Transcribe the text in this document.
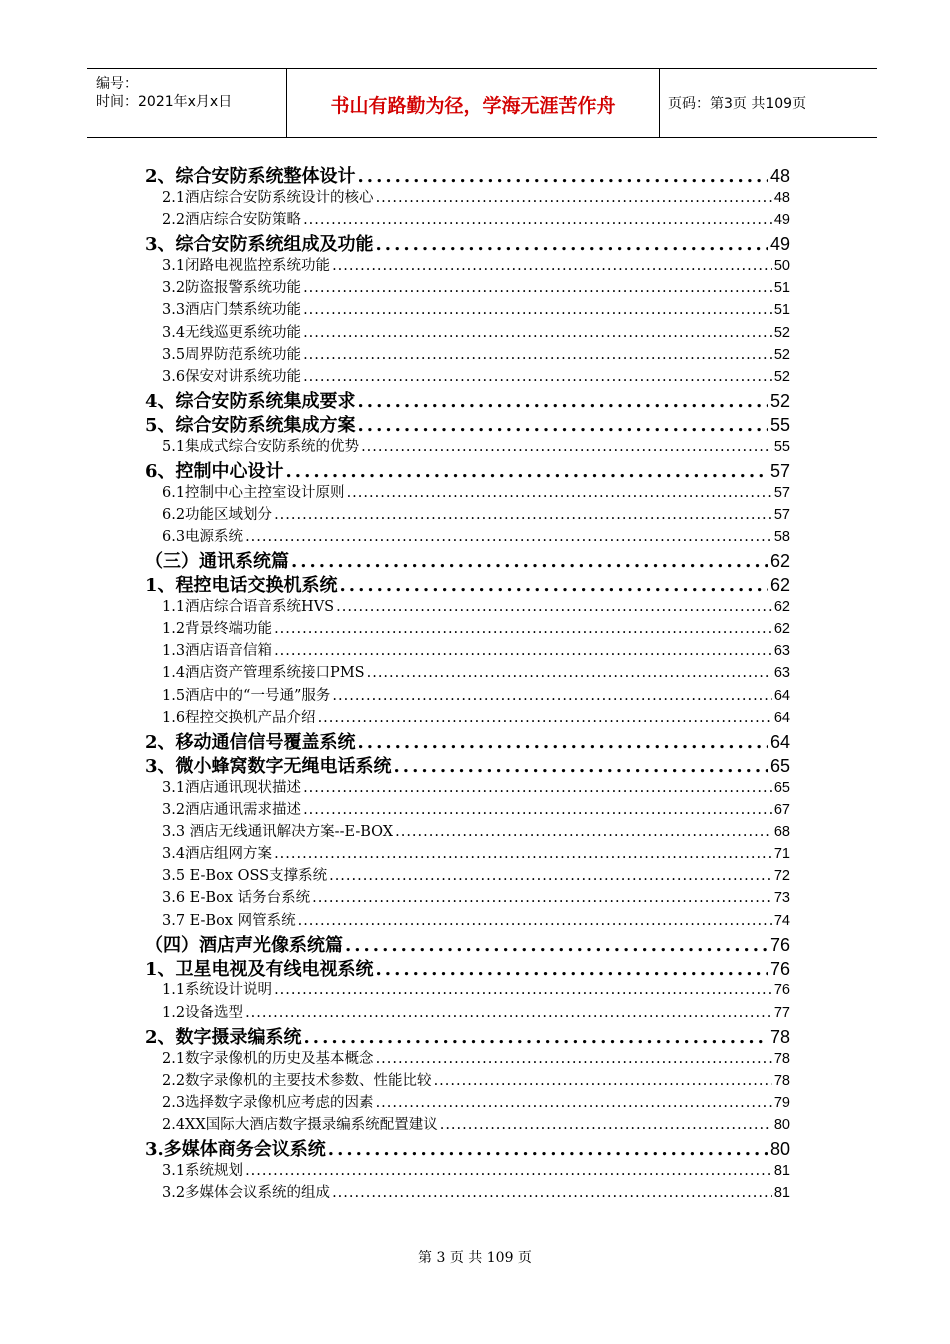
编号：
时间：2021年x月x日	书山有路勤为径，学海无涯苦作舟	页码：第3页 共109页
2、综合安防系统整体设计 .....	48
2.1酒店综合安防系统设计的核心 .....	48
2.2酒店综合安防策略 .....	49
3、综合安防系统组成及功能 .....	49
3.1闭路电视监控系统功能 .....	50
3.2防盗报警系统功能 .....	51
3.3酒店门禁系统功能 .....	51
3.4无线巡更系统功能 .....	52
3.5周界防范系统功能 .....	52
3.6保安对讲系统功能 .....	52
4、综合安防系统集成要求 .....	52
5、综合安防系统集成方案 .....	55
5.1集成式综合安防系统的优势 .....	55
6、控制中心设计 .....	57
6.1控制中心主控室设计原则 .....	57
6.2功能区域划分 .....	57
6.3电源系统 .....	58
（三）通讯系统篇 .....	62
1、程控电话交换机系统 .....	62
1.1酒店综合语音系统HVS .....	62
1.2背景终端功能 .....	62
1.3酒店语音信箱 .....	63
1.4酒店资产管理系统接口PMS .....	63
1.5酒店中的“一号通”服务 .....	64
1.6程控交换机产品介绍 .....	64
2、移动通信信号覆盖系统 .....	64
3、微小蜂窝数字无绳电话系统 .....	65
3.1酒店通讯现状描述 .....	65
3.2酒店通讯需求描述 .....	67
3.3 酒店无线通讯解决方案--E-BOX .....	68
3.4酒店组网方案 .....	71
3.5 E-Box OSS支撑系统 .....	72
3.6 E-Box 话务台系统 .....	73
3.7 E-Box 网管系统 .....	74
（四）酒店声光像系统篇 .....	76
1、卫星电视及有线电视系统 .....	76
1.1系统设计说明 .....	76
1.2设备选型 .....	77
2、数字摄录编系统 .....	78
2.1数字录像机的历史及基本概念 .....	78
2.2数字录像机的主要技术参数、性能比较 .....	78
2.3选择数字录像机应考虑的因素 .....	79
2.4XX国际大酒店数字摄录编系统配置建议 .....	80
3.多媒体商务会议系统 .....	80
3.1系统规划 .....	81
3.2多媒体会议系统的组成 .....	81
第 3 页 共 109 页
